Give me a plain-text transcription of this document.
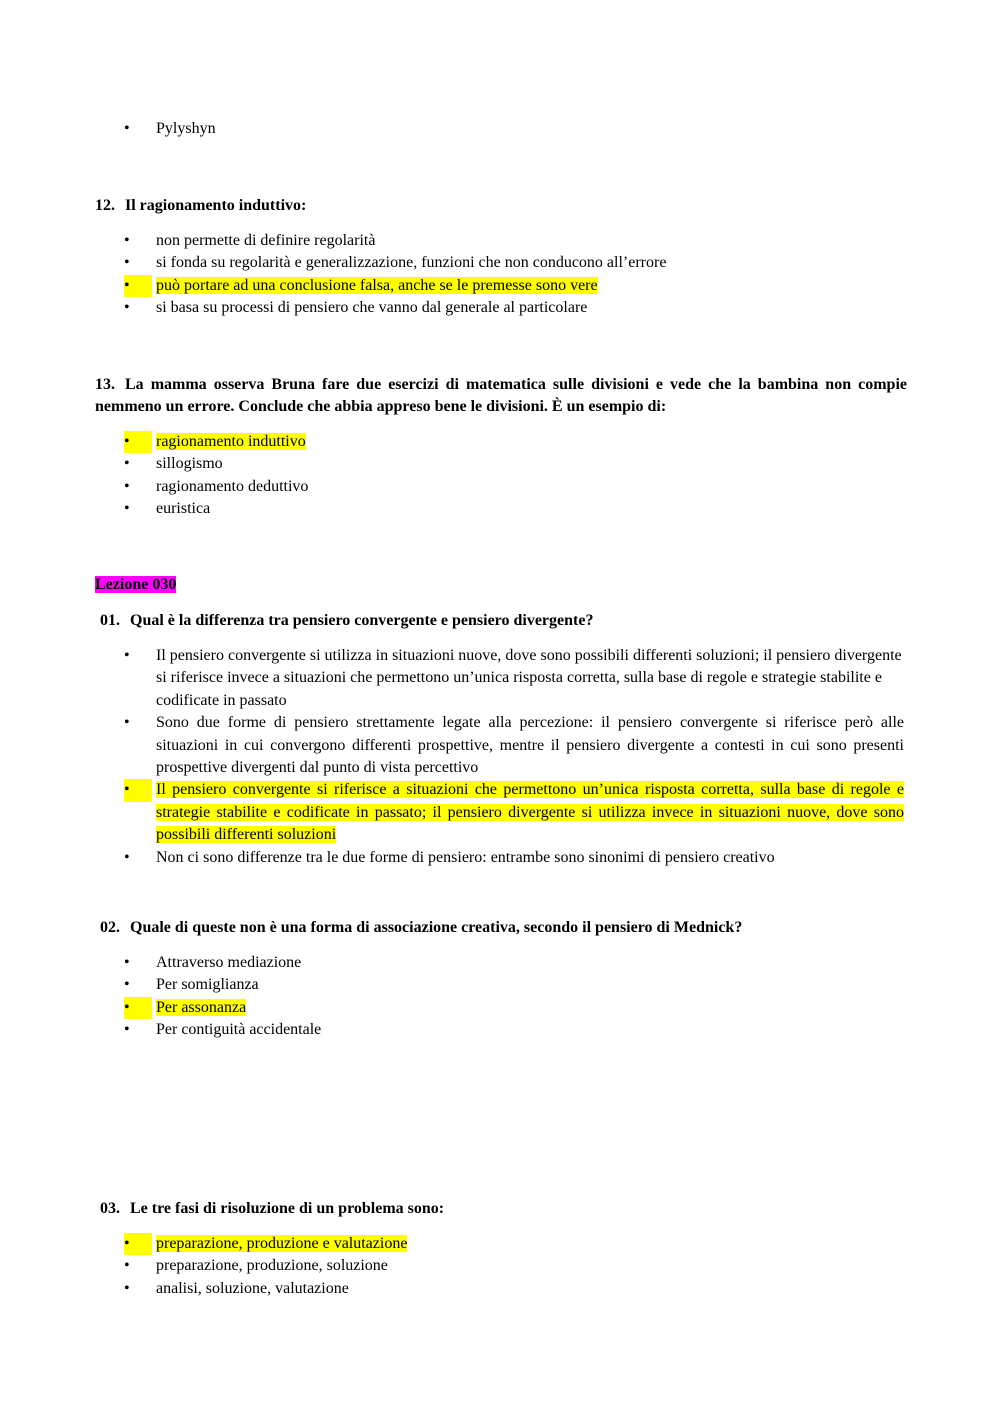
• Pylyshyn
12. Il ragionamento induttivo:
• non permette di definire regolarità
• si fonda su regolarità e generalizzazione, funzioni che non conducono all’errore
•	può portare ad una conclusione falsa, anche se le premesse sono vere
• si basa su processi di pensiero che vanno dal generale al particolare
13. La mamma osserva Bruna fare due esercizi di matematica sulle divisioni e vede che la bambina non compie nemmeno un errore. Conclude che abbia appreso bene le divisioni. È un esempio di:
•	ragionamento induttivo
• sillogismo
• ragionamento deduttivo
• euristica
Lezione 030
01. Qual è la differenza tra pensiero convergente e pensiero divergente?
• Il pensiero convergente si utilizza in situazioni nuove, dove sono possibili differenti soluzioni; il pensiero divergente si riferisce invece a situazioni che permettono un’unica risposta corretta, sulla base di regole e strategie stabilite e codificate in passato
• Sono due forme di pensiero strettamente legate alla percezione: il pensiero convergente si riferisce però alle situazioni in cui convergono differenti prospettive, mentre il pensiero divergente a contesti in cui sono presenti prospettive divergenti dal punto di vista percettivo
•	Il pensiero convergente si riferisce a situazioni che permettono un’unica risposta corretta, sulla base di regole e strategie stabilite e codificate in passato; il pensiero divergente si utilizza invece in situazioni nuove, dove sono possibili differenti soluzioni
• Non ci sono differenze tra le due forme di pensiero: entrambe sono sinonimi di pensiero creativo
02. Quale di queste non è una forma di associazione creativa, secondo il pensiero di Mednick?
• Attraverso mediazione
• Per somiglianza
•	Per assonanza
• Per contiguità accidentale
03. Le tre fasi di risoluzione di un problema sono:
•	preparazione, produzione e valutazione
• preparazione, produzione, soluzione
• analisi, soluzione, valutazione
